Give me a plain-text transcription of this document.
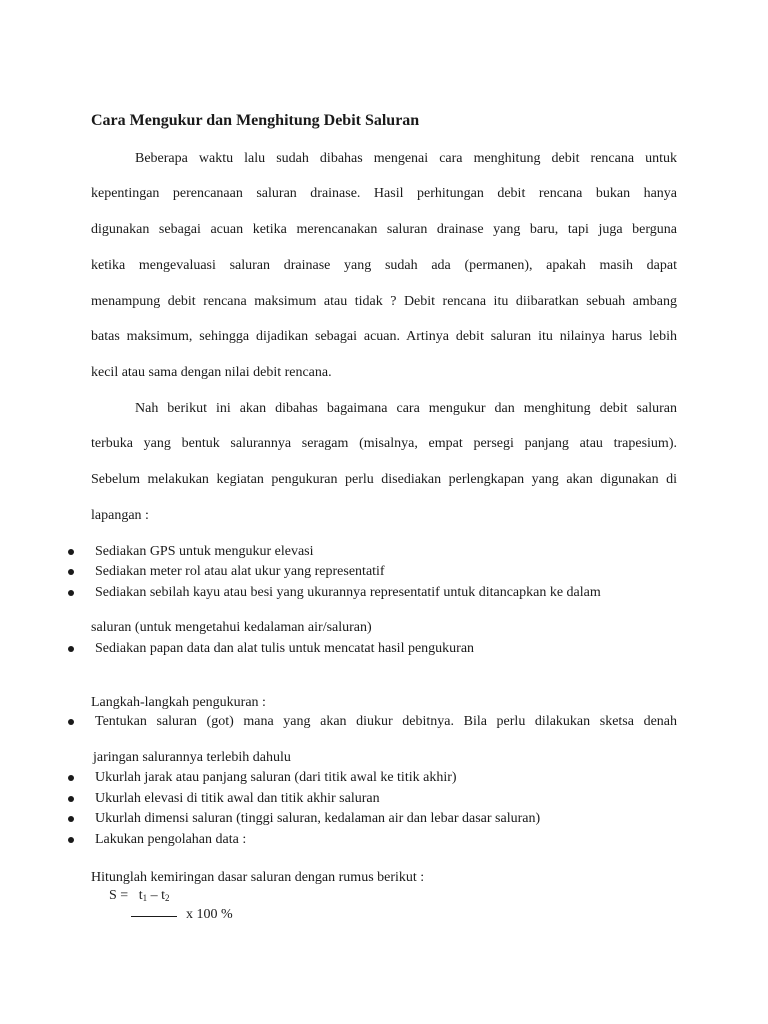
Cara Mengukur dan Menghitung Debit Saluran
Beberapa waktu lalu sudah dibahas mengenai cara menghitung debit rencana untuk
kepentingan perencanaan saluran drainase. Hasil perhitungan debit rencana bukan hanya
digunakan sebagai acuan ketika merencanakan saluran drainase yang baru, tapi juga berguna
ketika mengevaluasi saluran drainase yang sudah ada (permanen), apakah masih dapat
menampung debit rencana maksimum atau tidak ? Debit rencana itu diibaratkan sebuah ambang
batas maksimum, sehingga dijadikan sebagai acuan. Artinya debit saluran itu nilainya harus lebih
kecil atau sama dengan nilai debit rencana.
Nah berikut ini akan dibahas bagaimana cara mengukur dan menghitung debit saluran
terbuka yang bentuk salurannya seragam (misalnya, empat persegi panjang atau trapesium).
Sebelum melakukan kegiatan pengukuran perlu disediakan perlengkapan yang akan digunakan di
lapangan :
Sediakan GPS untuk mengukur elevasi
Sediakan meter rol atau alat ukur yang representatif
Sediakan sebilah kayu atau besi yang ukurannya representatif untuk ditancapkan ke dalam
saluran (untuk mengetahui kedalaman air/saluran)
Sediakan papan data dan alat tulis untuk mencatat hasil pengukuran
Langkah-langkah pengukuran :
Tentukan saluran (got) mana yang akan diukur debitnya. Bila perlu dilakukan sketsa denah
jaringan salurannya terlebih dahulu
Ukurlah jarak atau panjang saluran (dari titik awal ke titik akhir)
Ukurlah elevasi di titik awal dan titik akhir saluran
Ukurlah dimensi saluran (tinggi saluran, kedalaman air dan lebar dasar saluran)
Lakukan pengolahan data :
Hitunglah kemiringan dasar saluran dengan rumus berikut :
$S = t_1 - t_2$
x 100 %
